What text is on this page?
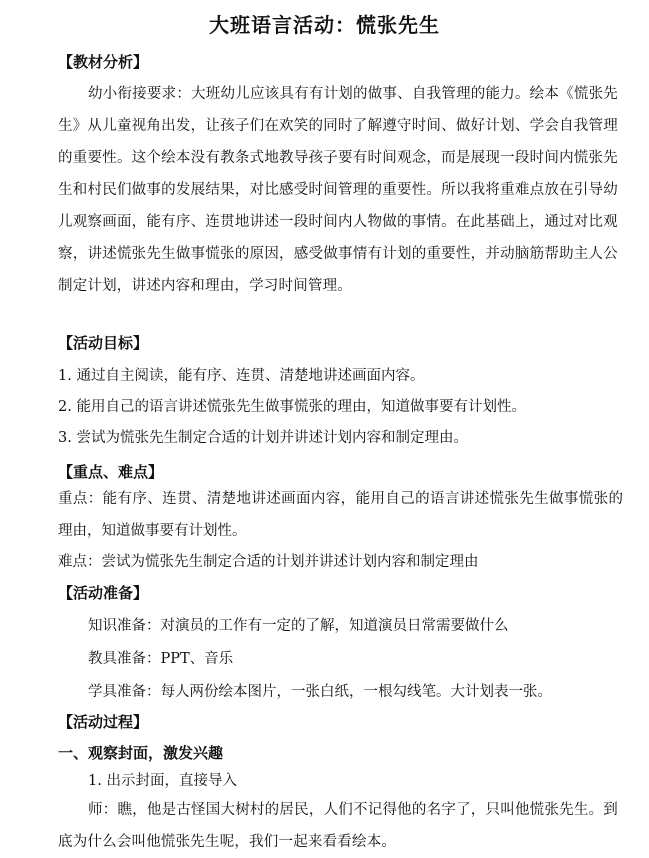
大班语言活动：慌张先生
【教材分析】
幼小衔接要求：大班幼儿应该具有有计划的做事、自我管理的能力。绘本《慌张先生》从儿童视角出发，让孩子们在欢笑的同时了解遵守时间、做好计划、学会自我管理的重要性。这个绘本没有教条式地教导孩子要有时间观念，而是展现一段时间内慌张先生和村民们做事的发展结果，对比感受时间管理的重要性。所以我将重难点放在引导幼儿观察画面，能有序、连贯地讲述一段时间内人物做的事情。在此基础上，通过对比观察，讲述慌张先生做事慌张的原因，感受做事情有计划的重要性，并动脑筋帮助主人公制定计划，讲述内容和理由，学习时间管理。
【活动目标】
1. 通过自主阅读，能有序、连贯、清楚地讲述画面内容。
2. 能用自己的语言讲述慌张先生做事慌张的理由，知道做事要有计划性。
3. 尝试为慌张先生制定合适的计划并讲述计划内容和制定理由。
【重点、难点】
重点：能有序、连贯、清楚地讲述画面内容，能用自己的语言讲述慌张先生做事慌张的理由，知道做事要有计划性。
难点：尝试为慌张先生制定合适的计划并讲述计划内容和制定理由
【活动准备】
知识准备：对演员的工作有一定的了解，知道演员日常需要做什么
教具准备：PPT、音乐
学具准备：每人两份绘本图片，一张白纸，一根勾线笔。大计划表一张。
【活动过程】
一、观察封面，激发兴趣
1. 出示封面，直接导入
师：瞧，他是古怪国大树村的居民，人们不记得他的名字了，只叫他慌张先生。到底为什么会叫他慌张先生呢，我们一起来看看绘本。
